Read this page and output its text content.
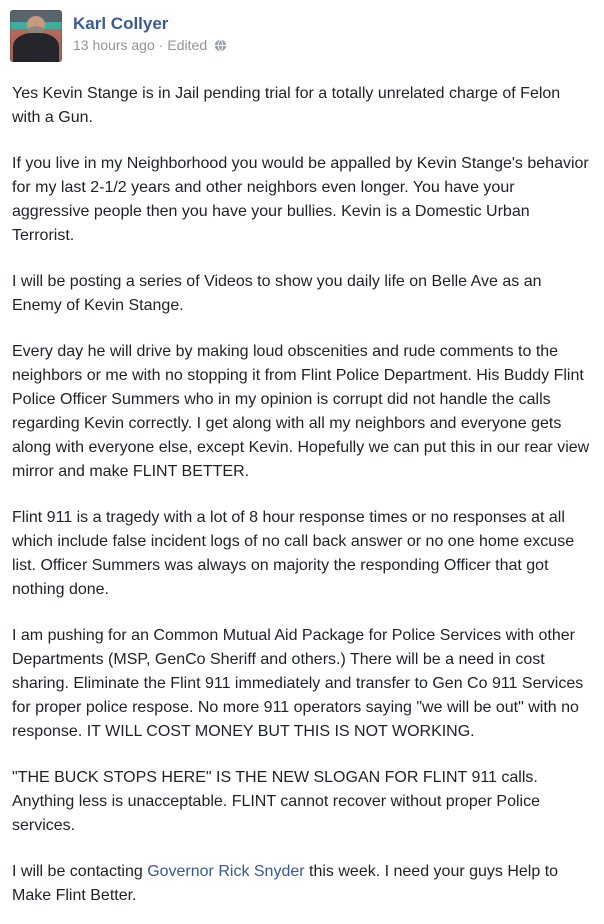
Karl Collyer
13 hours ago · Edited

Yes Kevin Stange is in Jail pending trial for a totally unrelated charge of Felon with a Gun.

If you live in my Neighborhood you would be appalled by Kevin Stange's behavior for my last 2-1/2 years and other neighbors even longer. You have your aggressive people then you have your bullies. Kevin is a Domestic Urban Terrorist.

I will be posting a series of Videos to show you daily life on Belle Ave as an Enemy of Kevin Stange.

Every day he will drive by making loud obscenities and rude comments to the neighbors or me with no stopping it from Flint Police Department. His Buddy Flint Police Officer Summers who in my opinion is corrupt did not handle the calls regarding Kevin correctly. I get along with all my neighbors and everyone gets along with everyone else, except Kevin. Hopefully we can put this in our rear view mirror and make FLINT BETTER.

Flint 911 is a tragedy with a lot of 8 hour response times or no responses at all which include false incident logs of no call back answer or no one home excuse list. Officer Summers was always on majority the responding Officer that got nothing done.

I am pushing for an Common Mutual Aid Package for Police Services with other Departments (MSP, GenCo Sheriff and others.) There will be a need in cost sharing. Eliminate the Flint 911 immediately and transfer to Gen Co 911 Services for proper police respose. No more 911 operators saying "we will be out" with no response. IT WILL COST MONEY BUT THIS IS NOT WORKING.

"THE BUCK STOPS HERE" IS THE NEW SLOGAN FOR FLINT 911 calls. Anything less is unacceptable. FLINT cannot recover without proper Police services.

I will be contacting Governor Rick Snyder this week. I need your guys Help to Make Flint Better.
